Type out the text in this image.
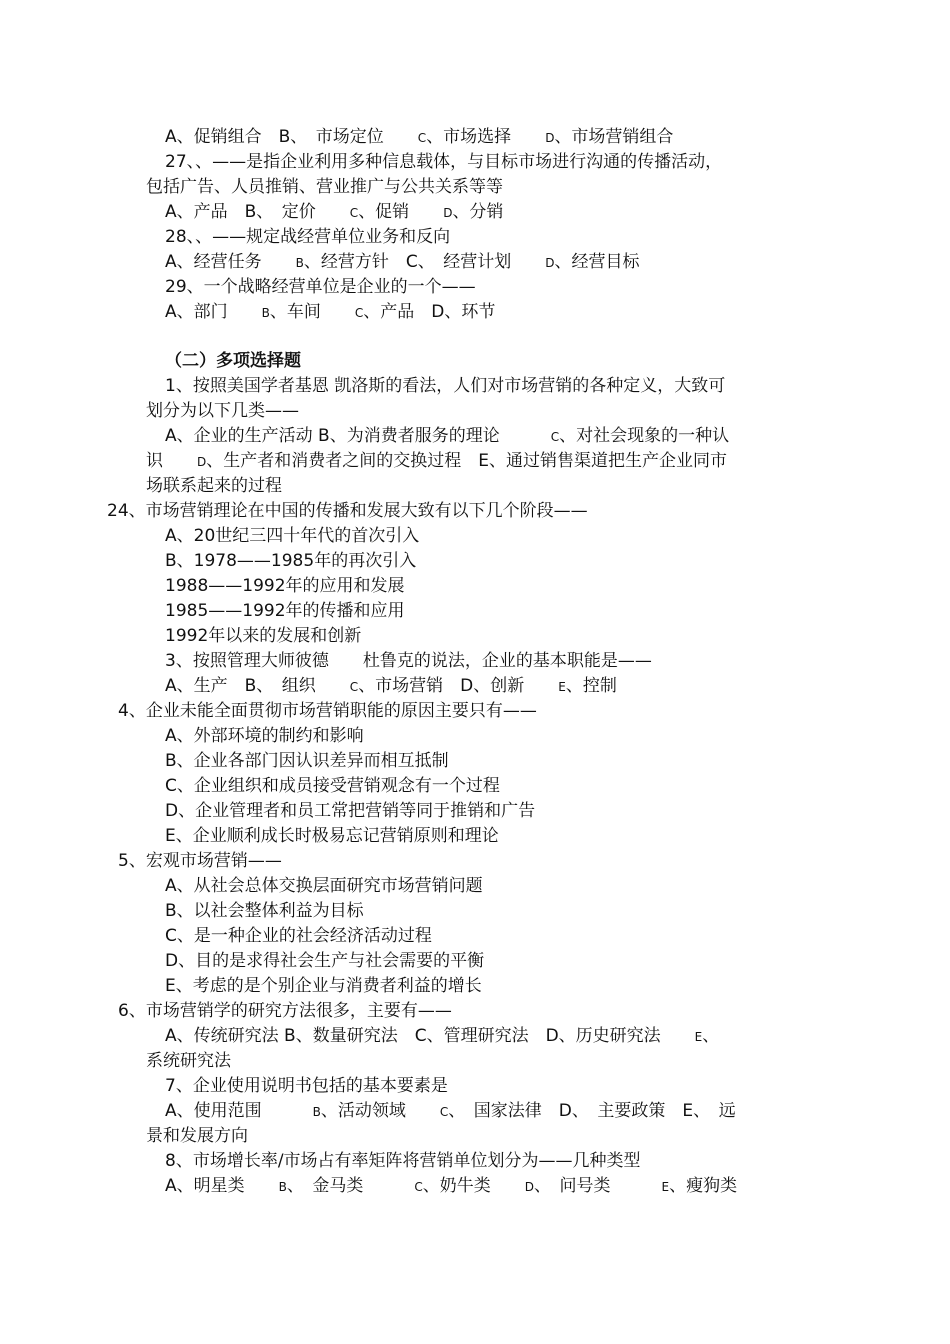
A、促销组合　B、　市场定位　　C、市场选择　　D、市场营销组合
27、、——是指企业利用多种信息载体，与目标市场进行沟通的传播活动，
包括广告、人员推销、营业推广与公共关系等等
A、产品　B、　定价　　C、促销　　D、分销
28、、——规定战经营单位业务和反向
A、经营任务　　B、经营方针　C、　经营计划　　D、经营目标
29、一个战略经营单位是企业的一个——
A、部门　　B、车间　　C、产品　D、环节
（二）多项选择题
1、按照美国学者基恩 凯洛斯的看法，人们对市场营销的各种定义，大致可
划分为以下几类——
A、企业的生产活动 B、为消费者服务的理论　　　C、对社会现象的一种认
识　　D、生产者和消费者之间的交换过程　E、通过销售渠道把生产企业同市
场联系起来的过程
24、市场营销理论在中国的传播和发展大致有以下几个阶段——
A、20世纪三四十年代的首次引入
B、1978——1985年的再次引入
1988——1992年的应用和发展
1985——1992年的传播和应用
1992年以来的发展和创新
3、按照管理大师彼德　　杜鲁克的说法，企业的基本职能是——
A、生产　B、　组织　　C、市场营销　D、创新　　E、控制
4、企业未能全面贯彻市场营销职能的原因主要只有——
A、外部环境的制约和影响
B、企业各部门因认识差异而相互抵制
C、企业组织和成员接受营销观念有一个过程
D、企业管理者和员工常把营销等同于推销和广告
E、企业顺利成长时极易忘记营销原则和理论
5、宏观市场营销——
A、从社会总体交换层面研究市场营销问题
B、以社会整体利益为目标
C、是一种企业的社会经济活动过程
D、目的是求得社会生产与社会需要的平衡
E、考虑的是个别企业与消费者利益的增长
6、市场营销学的研究方法很多，主要有——
A、传统研究法 B、数量研究法　C、管理研究法　D、历史研究法　　E、
系统研究法
7、企业使用说明书包括的基本要素是
A、使用范围　　　B、活动领域　　C、　国家法律　D、　主要政策　E、　远
景和发展方向
8、市场增长率/市场占有率矩阵将营销单位划分为——几种类型
A、明星类　　B、　金马类　　　C、奶牛类　　D、　问号类　　　E、瘦狗类
